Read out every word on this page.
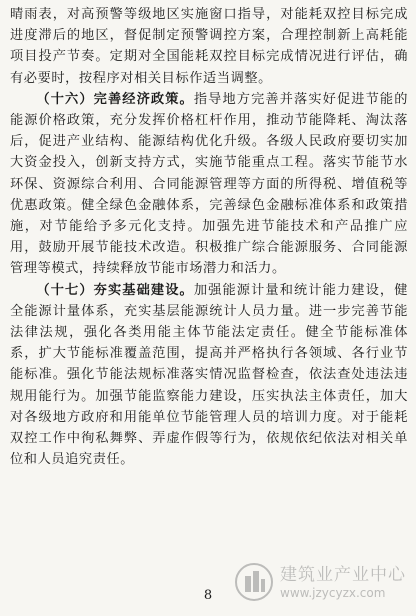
晴雨表，对高预警等级地区实施窗口指导，对能耗双控目标完成进度滞后的地区，督促制定预警调控方案，合理控制新上高耗能项目投产节奏。定期对全国能耗双控目标完成情况进行评估，确有必要时，按程序对相关目标作适当调整。

（十六）完善经济政策。指导地方完善并落实好促进节能的能源价格政策，充分发挥价格杠杆作用，推动节能降耗、淘汰落后，促进产业结构、能源结构优化升级。各级人民政府要切实加大资金投入，创新支持方式，实施节能重点工程。落实节能节水环保、资源综合利用、合同能源管理等方面的所得税、增值税等优惠政策。健全绿色金融体系，完善绿色金融标准体系和政策措施，对节能给予多元化支持。加强先进节能技术和产品推广应用，鼓励开展节能技术改造。积极推广综合能源服务、合同能源管理等模式，持续释放节能市场潜力和活力。

（十七）夯实基础建设。加强能源计量和统计能力建设，健全能源计量体系，充实基层能源统计人员力量。进一步完善节能法律法规，强化各类用能主体节能法定责任。健全节能标准体系，扩大节能标准覆盖范围，提高并严格执行各领域、各行业节能标准。强化节能法规标准落实情况监督检查，依法查处违法违规用能行为。加强节能监察能力建设，压实执法主体责任，加大对各级地方政府和用能单位节能管理人员的培训力度。对于能耗双控工作中徇私舞弊、弄虚作假等行为，依规依纪依法对相关单位和人员追究责任。

8
建筑业产业中心
www.jzycyzx.com
